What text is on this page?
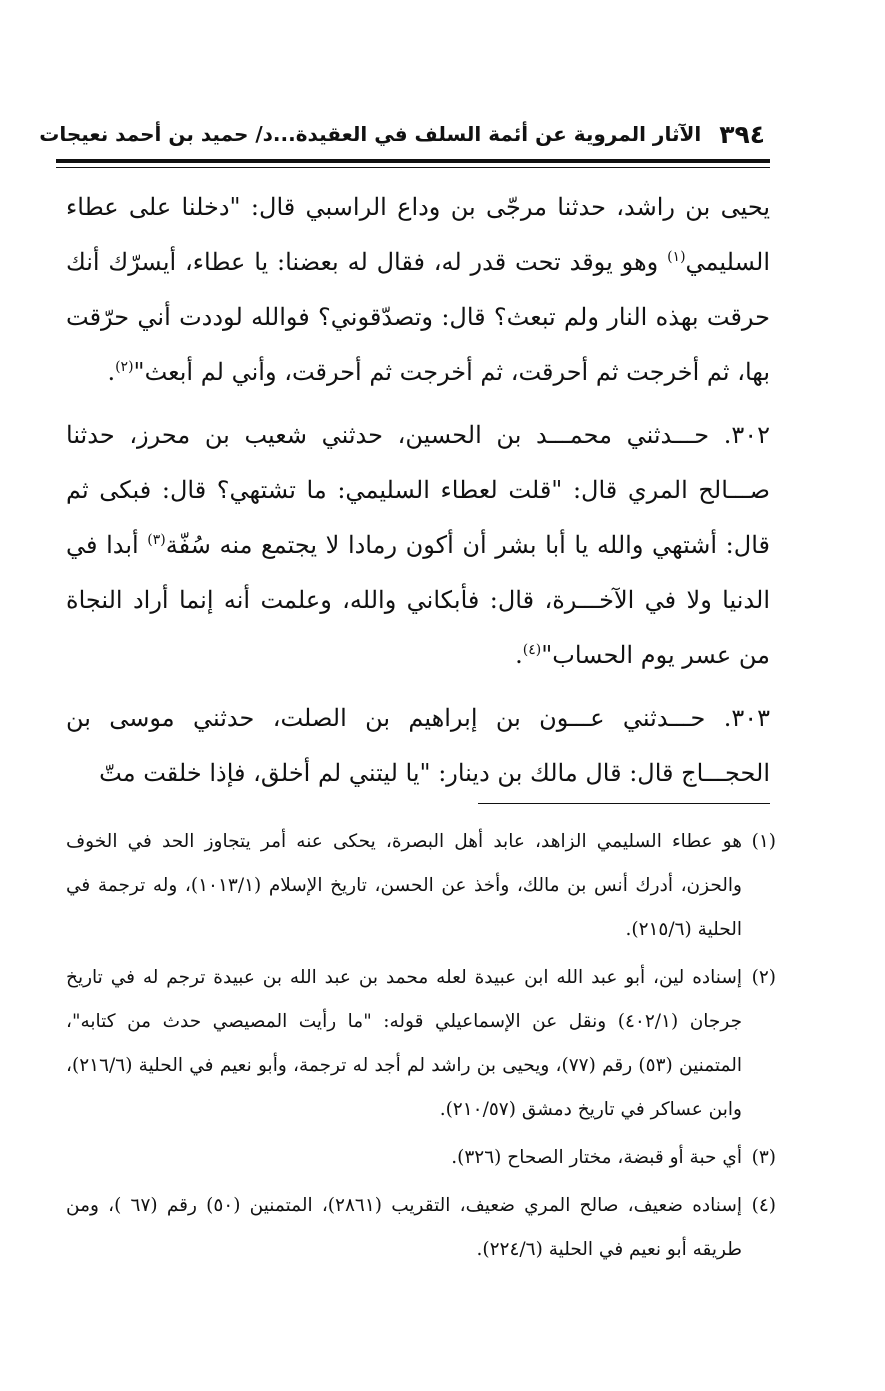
٣٩٤
الآثار المروية عن أئمة السلف في العقيدة...د/ حميد بن أحمد نعيجات

يحيى بن راشد، حدثنا مرجّى بن وداع الراسبي قال: "دخلنا على عطاء السليمي$^{(١)}$ وهو يوقد تحت قدر له، فقال له بعضنا: يا عطاء، أيسرّك أنك حرقت بهذه النار ولم تبعث؟ قال: وتصدّقوني؟ فوالله لوددت أني حرّقت بها، ثم أخرجت ثم أحرقت، ثم أخرجت ثم أحرقت، وأني لم أبعث"$^{(٢)}$.

٣٠٢. حـــدثني محمـــد بن الحسين، حدثني شعيب بن محرز، حدثنا صـــالح المري قال: "قلت لعطاء السليمي: ما تشتهي؟ قال: فبكى ثم قال: أشتهي والله يا أبا بشر أن أكون رمادا لا يجتمع منه سُفّة$^{(٣)}$ أبدا في الدنيا ولا في الآخـــرة، قال: فأبكاني والله، وعلمت أنه إنما أراد النجاة من عسر يوم الحساب"$^{(٤)}$.

٣٠٣. حـــدثني عـــون بن إبراهيم بن الصلت، حدثني موسى بن الحجـــاج قال: قال مالك بن دينار: "يا ليتني لم أخلق، فإذا خلقت متّ

(١)
هو عطاء السليمي الزاهد، عابد أهل البصرة، يحكى عنه أمر يتجاوز الحد في الخوف والحزن، أدرك أنس بن مالك، وأخذ عن الحسن، تاريخ الإسلام (١٠١٣/١)، وله ترجمة في الحلية (٢١٥/٦).
(٢)
إسناده لين، أبو عبد الله ابن عبيدة لعله محمد بن عبد الله بن عبيدة ترجم له في تاريخ جرجان (٤٠٢/١) ونقل عن الإسماعيلي قوله: "ما رأيت المصيصي حدث من كتابه"، المتمنين (٥٣) رقم (٧٧)، ويحيى بن راشد لم أجد له ترجمة، وأبو نعيم في الحلية (٢١٦/٦)، وابن عساكر في تاريخ دمشق (٢١٠/٥٧).
(٣)
أي حبة أو قبضة، مختار الصحاح (٣٢٦).
(٤)
إسناده ضعيف، صالح المري ضعيف، التقريب (٢٨٦١)، المتمنين (٥٠) رقم (٦٧ )، ومن طريقه أبو نعيم في الحلية (٢٢٤/٦).
